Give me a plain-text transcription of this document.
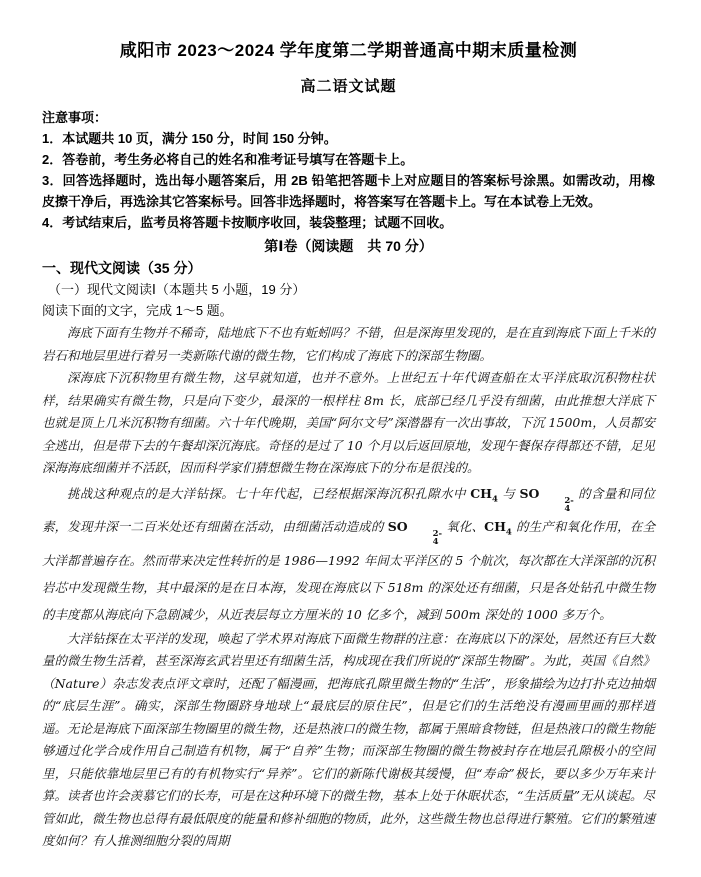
咸阳市 2023～2024 学年度第二学期普通高中期末质量检测
高二语文试题
注意事项：
1．本试题共 10 页，满分 150 分，时间 150 分钟。
2．答卷前，考生务必将自己的姓名和准考证号填写在答题卡上。
3．回答选择题时，选出每小题答案后，用 2B 铅笔把答题卡上对应题目的答案标号涂黑。如需改动，用橡皮擦干净后，再选涂其它答案标号。回答非选择题时，将答案写在答题卡上。写在本试卷上无效。
4．考试结束后，监考员将答题卡按顺序收回，装袋整理；试题不回收。
第Ⅰ卷（阅读题　共 70 分）
一、现代文阅读（35 分）
（一）现代文阅读Ⅰ（本题共 5 小题，19 分）
阅读下面的文字，完成 1～5 题。

海底下面有生物并不稀奇，陆地底下不也有蚯蚓吗？不错，但是深海里发现的，是在直到海底下面上千米的岩石和地层里进行着另一类新陈代谢的微生物，它们构成了海底下的深部生物圈。

深海底下沉积物里有微生物，这早就知道，也并不意外。上世纪五十年代调查船在太平洋底取沉积物柱状样，结果确实有微生物，只是向下变少，最深的一根样柱 8m 长，底部已经几乎没有细菌，由此推想大洋底下也就是顶上几米沉积物有细菌。六十年代晚期，美国“阿尔文号”深潜器有一次出事故，下沉 1500m，人员都安全逃出，但是带下去的午餐却深沉海底。奇怪的是过了 10 个月以后返回原地，发现午餐保存得都还不错，足见深海海底细菌并不活跃，因而科学家们猜想微生物在深海底下的分布是很浅的。

挑战这种观点的是大洋钻探。七十年代起，已经根据深海沉积孔隙水中 $CH_4$ 与 SO	2-
4
的含量和同位素，发现井深一二百米处还有细菌在活动，由细菌活动造成的 SO	2-
4
氧化、$CH_4$ 的生产和氧化作用，在全大洋都普遍存在。然而带来决定性转折的是 1986—1992 年间太平洋区的 5 个航次，每次都在大洋深部的沉积岩芯中发现微生物，其中最深的是在日本海，发现在海底以下 518m 的深处还有细菌，只是各处钻孔中微生物的丰度都从海底向下急剧减少，从近表层每立方厘米的 10 亿多个，减到 500m 深处的 1000 多万个。

大洋钻探在太平洋的发现，唤起了学术界对海底下面微生物群的注意：在海底以下的深处，居然还有巨大数量的微生物生活着，甚至深海玄武岩里还有细菌生活，构成现在我们所说的“深部生物圈”。为此，英国《自然》（Nature）杂志发表点评文章时，还配了幅漫画，把海底孔隙里微生物的“生活”，形象描绘为边打扑克边抽烟的“底层生涯”。确实，深部生物圈跻身地球上“最底层的原住民”，但是它们的生活绝没有漫画里画的那样逍遥。无论是海底下面深部生物圈里的微生物，还是热液口的微生物，都属于黑暗食物链，但是热液口的微生物能够通过化学合成作用自己制造有机物，属于“自养”生物；而深部生物圈的微生物被封存在地层孔隙极小的空间里，只能依靠地层里已有的有机物实行“异养”。它们的新陈代谢极其缓慢，但“寿命”极长，要以多少万年来计算。读者也许会羡慕它们的长寿，可是在这种环境下的微生物，基本上处于休眠状态，“生活质量”无从谈起。尽管如此，微生物也总得有最低限度的能量和修补细胞的物质，此外，这些微生物也总得进行繁殖。它们的繁殖速度如何？有人推测细胞分裂的周期
